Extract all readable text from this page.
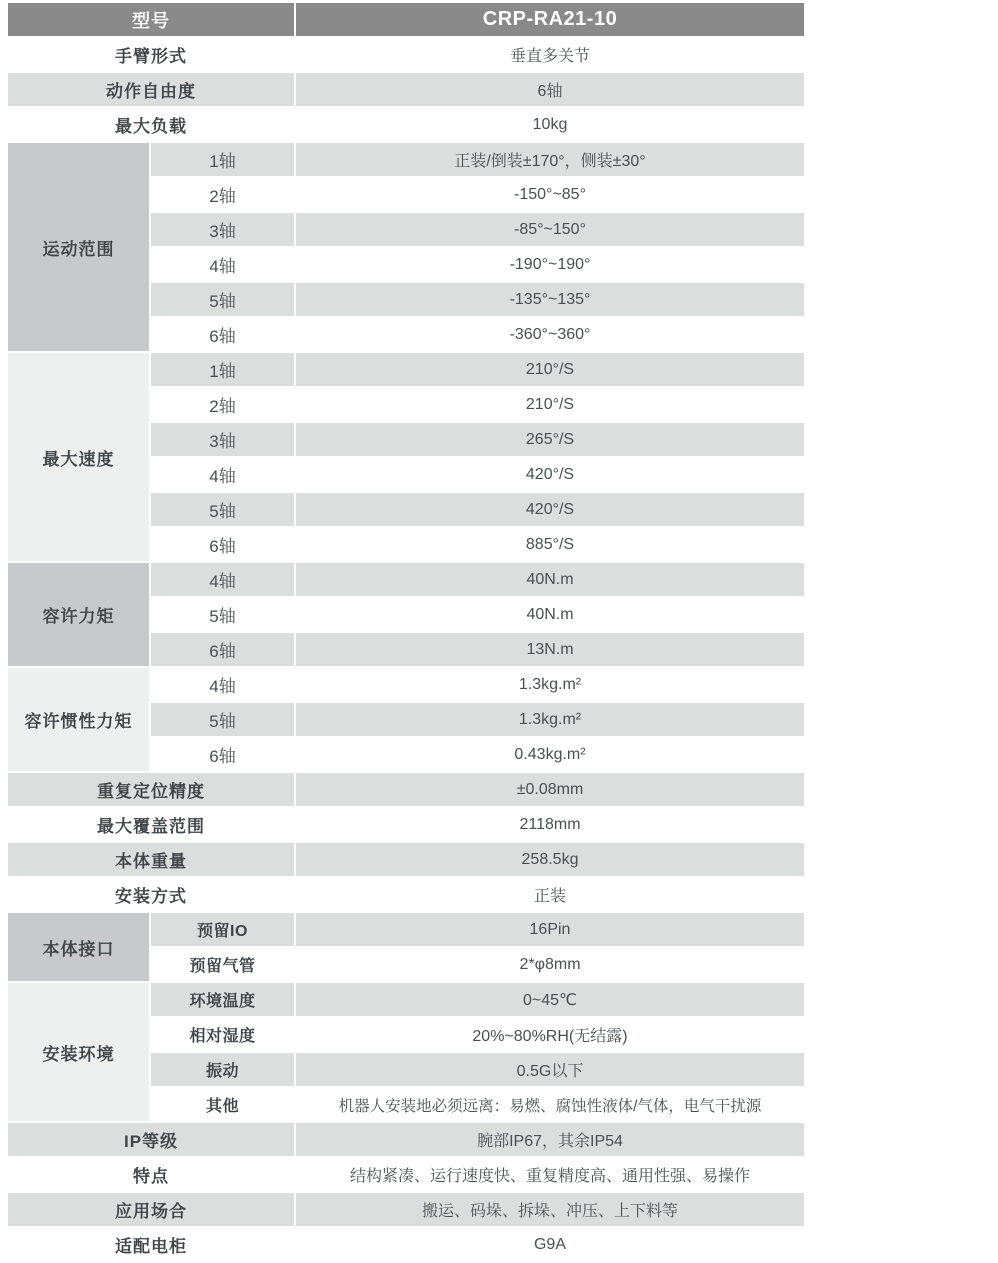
型号		CRP-RA21-10
手臂形式		垂直多关节
动作自由度		6轴
最大负载		10kg
运动范围	1轴	正装/倒装±170°，侧装±30°
	2轴	-150°~85°
	3轴	-85°~150°
	4轴	-190°~190°
	5轴	-135°~135°
	6轴	-360°~360°
最大速度	1轴	210°/S
	2轴	210°/S
	3轴	265°/S
	4轴	420°/S
	5轴	420°/S
	6轴	885°/S
容许力矩	4轴	40N.m
	5轴	40N.m
	6轴	13N.m
容许惯性力矩	4轴	1.3kg.m²
	5轴	1.3kg.m²
	6轴	0.43kg.m²
重复定位精度		±0.08mm
最大覆盖范围		2118mm
本体重量		258.5kg
安装方式		正装
本体接口	预留IO	16Pin
	预留气管	2*φ8mm
安装环境	环境温度	0~45℃
	相对湿度	20%~80%RH(无结露)
	振动	0.5G以下
	其他	机器人安装地必须远离：易燃、腐蚀性液体/气体，电气干扰源
IP等级		腕部IP67，其余IP54
特点		结构紧凑、运行速度快、重复精度高、通用性强、易操作
应用场合		搬运、码垛、拆垛、冲压、上下料等
适配电柜		G9A
